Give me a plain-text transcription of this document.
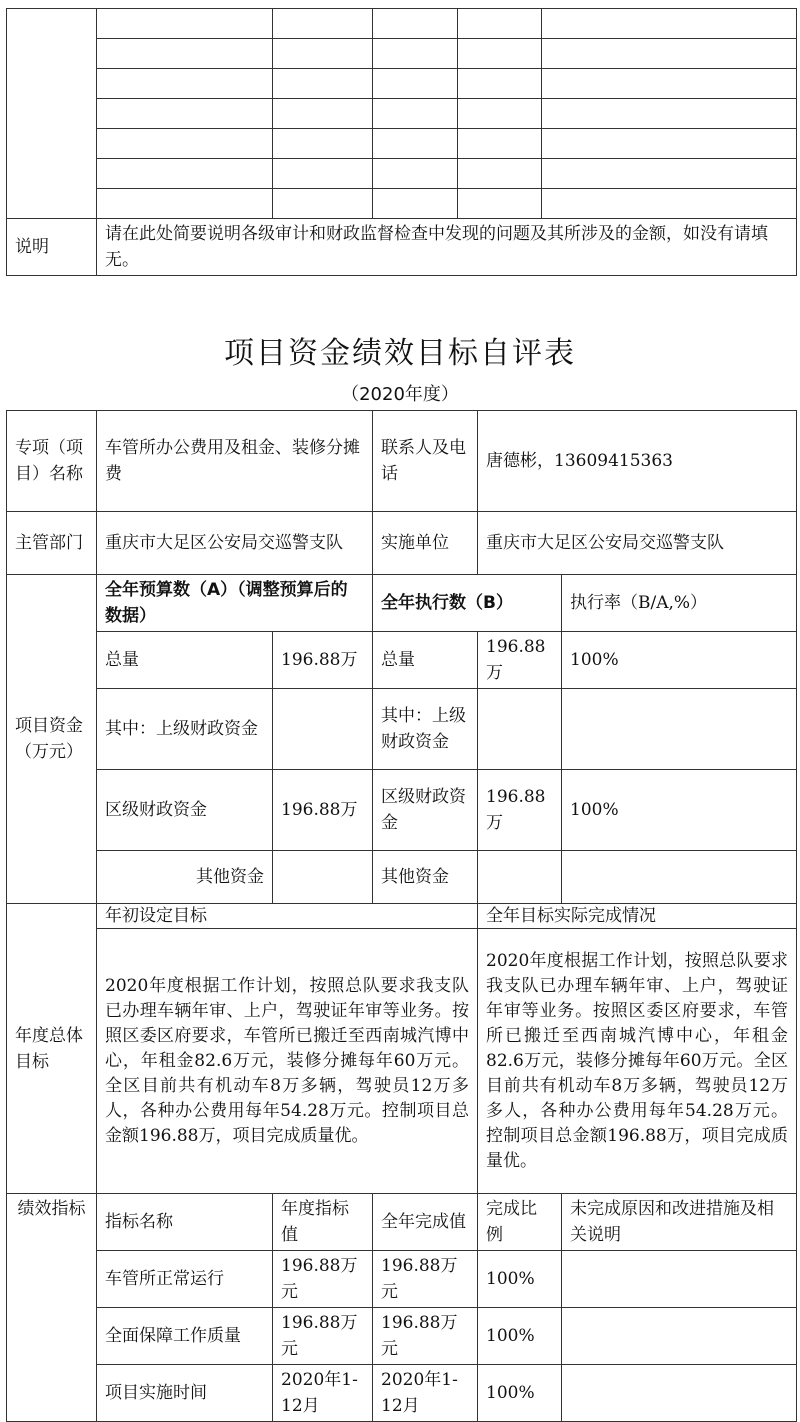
说明	请在此处简要说明各级审计和财政监督检查中发现的问题及其所涉及的金额，如没有请填无。				
项目资金绩效目标自评表
（2020年度）
专项（项目）名称	车管所办公费用及租金、装修分摊费		联系人及电话	唐德彬，13609415363	
主管部门	重庆市大足区公安局交巡警支队		实施单位	重庆市大足区公安局交巡警支队	
项目资金（万元）	全年预算数（A）（调整预算后的数据）		全年执行数（B）		执行率（B/A,%）
	总量	196.88万	总量	196.88万	100%
	其中：上级财政资金		其中：上级财政资金		
	区级财政资金	196.88万	区级财政资金	196.88万	100%
	其他资金		其他资金		
年度总体目标	年初设定目标			全年目标实际完成情况	
	2020年度根据工作计划，按照总队要求我支队已办理车辆年审、上户，驾驶证年审等业务。按照区委区府要求，车管所已搬迁至西南城汽博中心，年租金82.6万元，装修分摊每年60万元。全区目前共有机动车8万多辆，驾驶员12万多人，各种办公费用每年54.28万元。控制项目总金额196.88万，项目完成质量优。			2020年度根据工作计划，按照总队要求我支队已办理车辆年审、上户，驾驶证年审等业务。按照区委区府要求，车管所已搬迁至西南城汽博中心，年租金82.6万元，装修分摊每年60万元。全区目前共有机动车8万多辆，驾驶员12万多人，各种办公费用每年54.28万元。控制项目总金额196.88万，项目完成质量优。	
绩效指标	指标名称	年度指标值	全年完成值	完成比例	未完成原因和改进措施及相关说明
	车管所正常运行	196.88万元	196.88万元	100%	
	全面保障工作质量	196.88万元	196.88万元	100%	
	项目实施时间	2020年1-12月	2020年1-12月	100%	
